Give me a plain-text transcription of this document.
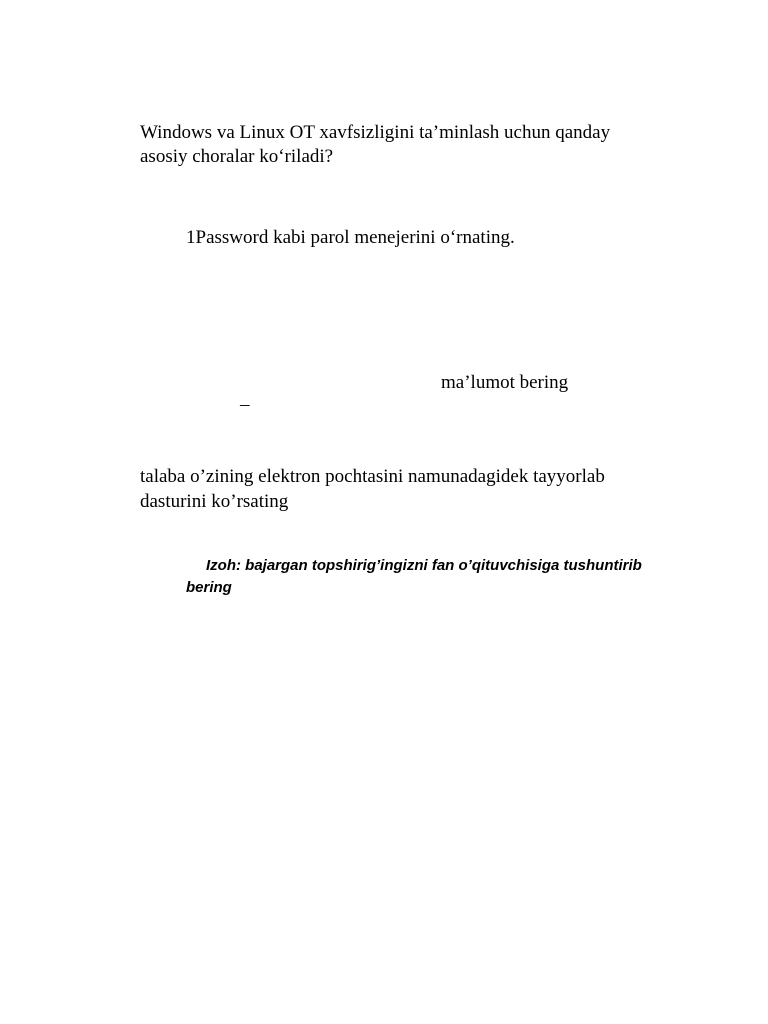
Windows va Linux OT xavfsizligini ta’minlash uchun qanday
asosiy choralar ko‘riladi?
1Password kabi parol menejerini o‘rnating.
ma’lumot bering
–
talaba o’zining elektron pochtasini namunadagidek tayyorlab
dasturini ko’rsating
Izoh: bajargan topshirig’ingizni fan o’qituvchisiga tushuntirib
bering
